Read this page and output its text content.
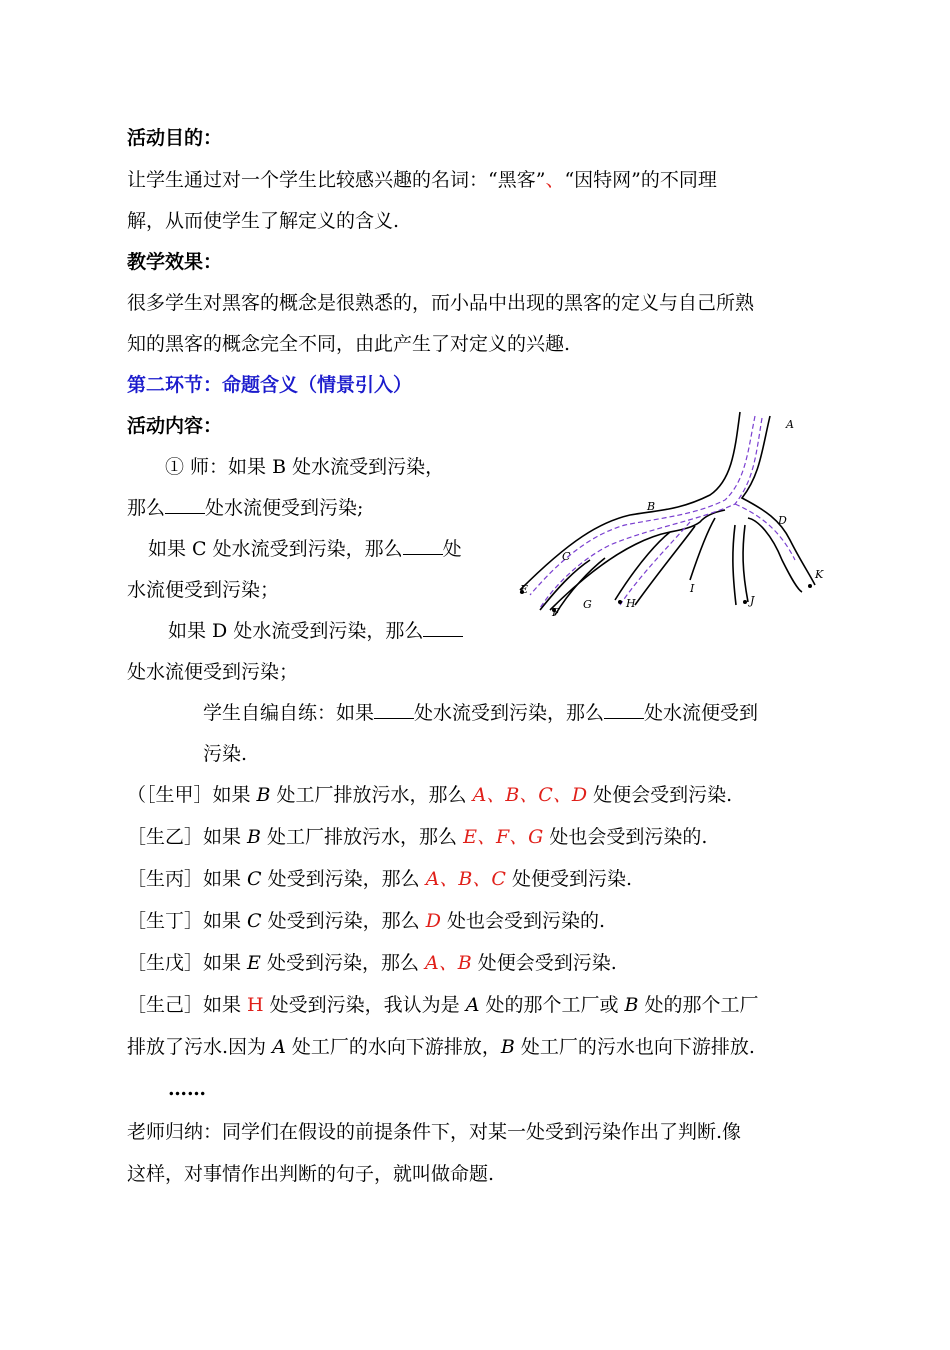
活动目的：
让学生通过对一个学生比较感兴趣的名词：“黑客”、“因特网”的不同理
解，从而使学生了解定义的含义.
教学效果：
很多学生对黑客的概念是很熟悉的，而小品中出现的黑客的定义与自己所熟
知的黑客的概念完全不同，由此产生了对定义的兴趣.
第二环节：命题含义（情景引入）
活动内容：
① 师：如果 B 处水流受到污染，
那么 处水流便受到污染;
如果 C 处水流受到污染，那么 处
水流便受到污染；
如果 D 处水流受到污染，那么
处水流便受到污染；
学生自编自练：如果 处水流受到污染，那么 处水流便受到
污染.
A
B
C
D
E
F
G	H
I
J
K
（［生甲］如果 B 处工厂排放污水，那么 A、B、C、D 处便会受到污染.
［生乙］如果 B 处工厂排放污水，那么 E、F、G 处也会受到污染的.
［生丙］如果 C 处受到污染，那么 A、B、C 处便受到污染.
［生丁］如果 C 处受到污染，那么 D 处也会受到污染的.
［生戊］如果 E 处受到污染，那么 A、B 处便会受到污染.
［生己］如果 H 处受到污染，我认为是 A 处的那个工厂或 B 处的那个工厂
排放了污水.因为 A 处工厂的水向下游排放，B 处工厂的污水也向下游排放.
……
老师归纳：同学们在假设的前提条件下，对某一处受到污染作出了判断.像
这样，对事情作出判断的句子，就叫做命题.
